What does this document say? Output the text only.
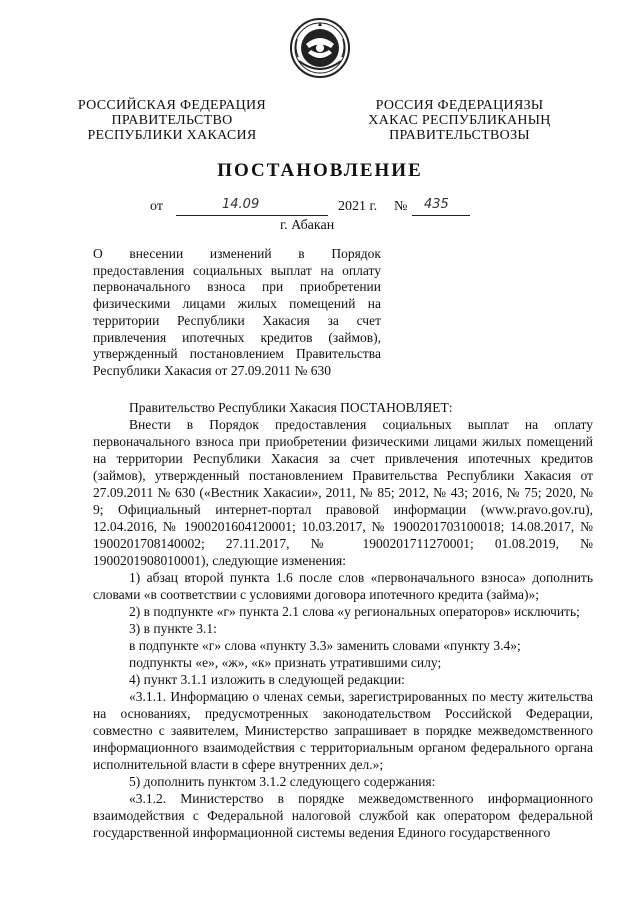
РОССИЙСКАЯ ФЕДЕРАЦИЯ
ПРАВИТЕЛЬСТВО
РЕСПУБЛИКИ ХАКАСИЯ
РОССИЯ ФЕДЕРАЦИЯЗЫ
ХАКАС РЕСПУБЛИКАНЫҢ
ПРАВИТЕЛЬСТВОЗЫ
ПОСТАНОВЛЕНИЕ
от	14.09	2021 г. № 435
г. Абакан
О внесении изменений в Порядок
предоставления социальных выплат на оплату
первоначального взноса при приобретении
физическими лицами жилых помещений на
территории Республики Хакасия за счет
привлечения ипотечных кредитов (займов),
утвержденный постановлением Правительства
Республики Хакасия от 27.09.2011 № 630

Правительство Республики Хакасия ПОСТАНОВЛЯЕТ:

Внести в Порядок предоставления социальных выплат на оплату первоначального взноса при приобретении физическими лицами жилых помещений на территории Республики Хакасия за счет привлечения ипотечных кредитов (займов), утвержденный постановлением Правительства Республики Хакасия от 27.09.2011 № 630 («Вестник Хакасии», 2011, № 85; 2012, № 43; 2016, № 75; 2020, № 9; Официальный интернет-портал правовой информации (www.pravo.gov.ru), 12.04.2016, № 1900201604120001; 10.03.2017, № 1900201703100018; 14.08.2017, № 1900201708140002; 27.11.2017, № 1900201711270001; 01.08.2019, № 1900201908010001), следующие изменения:

1) абзац второй пункта 1.6 после слов «первоначального взноса» дополнить словами «в соответствии с условиями договора ипотечного кредита (займа)»;

2) в подпункте «г» пункта 2.1 слова «у региональных операторов» исключить;

3) в пункте 3.1:

в подпункте «г» слова «пункту 3.3» заменить словами «пункту 3.4»;

подпункты «е», «ж», «к» признать утратившими силу;

4) пункт 3.1.1 изложить в следующей редакции:

«3.1.1. Информацию о членах семьи, зарегистрированных по месту жительства на основаниях, предусмотренных законодательством Российской Федерации, совместно с заявителем, Министерство запрашивает в порядке межведомственного информационного взаимодействия с территориальным органом федерального органа исполнительной власти в сфере внутренних дел.»;

5) дополнить пунктом 3.1.2 следующего содержания:

«3.1.2. Министерство в порядке межведомственного информационного взаимодействия с Федеральной налоговой службой как оператором федеральной государственной информационной системы ведения Единого государственного
